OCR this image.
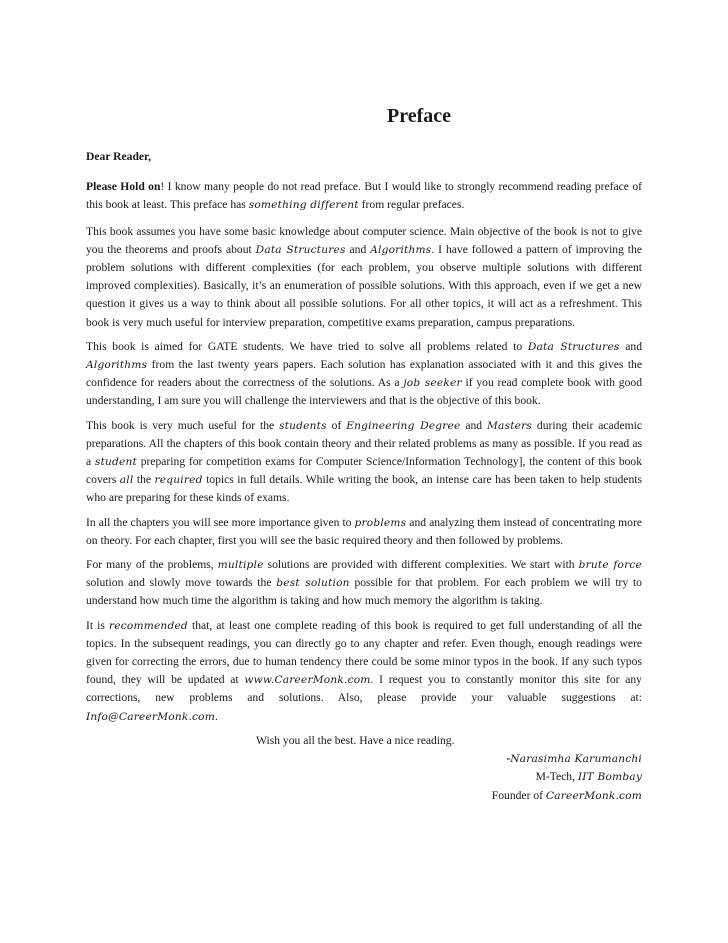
Preface

Dear Reader,

Please Hold on! I know many people do not read preface. But I would like to strongly recommend reading preface of this book at least. This preface has something different from regular prefaces.

This book assumes you have some basic knowledge about computer science. Main objective of the book is not to give you the theorems and proofs about Data Structures and Algorithms. I have followed a pattern of improving the problem solutions with different complexities (for each problem, you observe multiple solutions with different improved complexities). Basically, it’s an enumeration of possible solutions. With this approach, even if we get a new question it gives us a way to think about all possible solutions. For all other topics, it will act as a refreshment. This book is very much useful for interview preparation, competitive exams preparation, campus preparations.

This book is aimed for GATE students. We have tried to solve all problems related to Data Structures and Algorithms from the last twenty years papers. Each solution has explanation associated with it and this gives the confidence for readers about the correctness of the solutions. As a job seeker if you read complete book with good understanding, I am sure you will challenge the interviewers and that is the objective of this book.

This book is very much useful for the students of Engineering Degree and Masters during their academic preparations. All the chapters of this book contain theory and their related problems as many as possible. If you read as a student preparing for competition exams for Computer Science/Information Technology], the content of this book covers all the required topics in full details. While writing the book, an intense care has been taken to help students who are preparing for these kinds of exams.

In all the chapters you will see more importance given to problems and analyzing them instead of concentrating more on theory. For each chapter, first you will see the basic required theory and then followed by problems.

For many of the problems, multiple solutions are provided with different complexities. We start with brute force solution and slowly move towards the best solution possible for that problem. For each problem we will try to understand how much time the algorithm is taking and how much memory the algorithm is taking.

It is recommended that, at least one complete reading of this book is required to get full understanding of all the topics. In the subsequent readings, you can directly go to any chapter and refer. Even though, enough readings were given for correcting the errors, due to human tendency there could be some minor typos in the book. If any such typos found, they will be updated at www.CareerMonk.com. I request you to constantly monitor this site for any corrections, new problems and solutions. Also, please provide your valuable suggestions at: Info@CareerMonk.com.

Wish you all the best. Have a nice reading.

-Narasimha Karumanchi

M-Tech, IIT Bombay

Founder of CareerMonk.com
